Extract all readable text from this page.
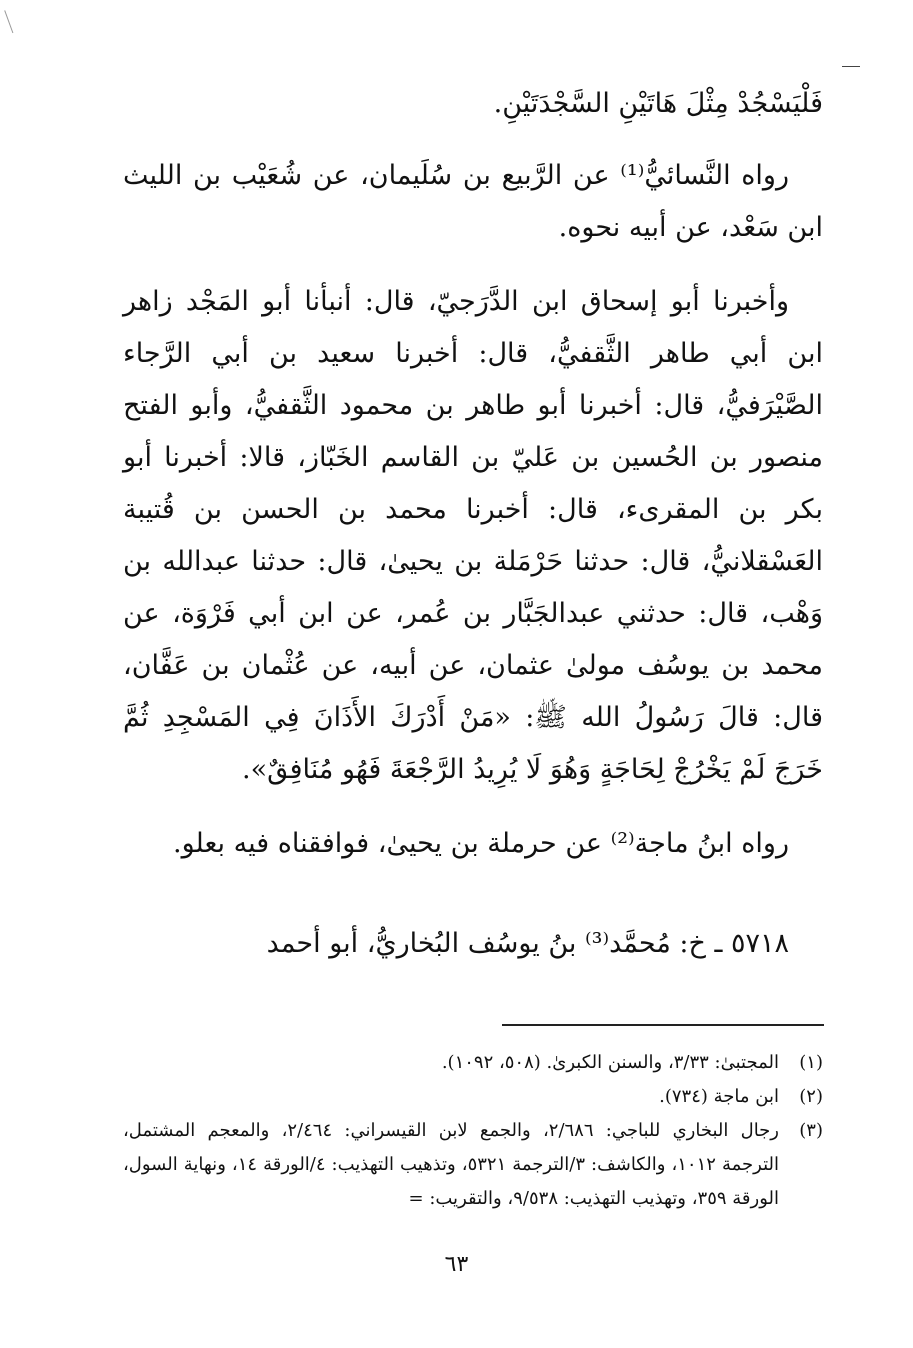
فَلْيَسْجُدْ مِثْلَ هَاتَيْنِ السَّجْدَتَيْنِ.

رواه النَّسائيُّ⁽¹⁾ عن الرَّبيع بن سُلَيمان، عن شُعَيْب بن الليث ابن سَعْد، عن أبيه نحوه.

وأخبرنا أبو إسحاق ابن الدَّرَجيّ، قال: أنبأنا أبو المَجْد زاهر ابن أبي طاهر الثَّقفيُّ، قال: أخبرنا سعيد بن أبي الرَّجاء الصَّيْرَفيُّ، قال: أخبرنا أبو طاهر بن محمود الثَّقفيُّ، وأبو الفتح منصور بن الحُسين بن عَليّ بن القاسم الخَبّاز، قالا: أخبرنا أبو بكر بن المقرىء، قال: أخبرنا محمد بن الحسن بن قُتيبة العَسْقلانيُّ، قال: حدثنا حَرْمَلة بن يحيىٰ، قال: حدثنا عبدالله بن وَهْب، قال: حدثني عبدالجَبَّار بن عُمر، عن ابن أبي فَرْوَة، عن محمد بن يوسُف مولىٰ عثمان، عن أبيه، عن عُثْمان بن عَفَّان، قال: قالَ رَسُولُ الله ﷺ: «مَنْ أَدْرَكَ الأَذَانَ فِي المَسْجِدِ ثُمَّ خَرَجَ لَمْ يَخْرُجْ لِحَاجَةٍ وَهُوَ لَا يُرِيدُ الرَّجْعَةَ فَهُو مُنَافِقٌ».

رواه ابنُ ماجة⁽²⁾ عن حرملة بن يحيىٰ، فوافقناه فيه بعلو.

٥٧١٨ ـ خ: مُحمَّد⁽³⁾ بنُ يوسُف البُخاريُّ، أبو أحمد
(١)
المجتبىٰ: ٣/٣٣، والسنن الكبرىٰ. (٥٠٨، ١٠٩٢).
(٢)
ابن ماجة (٧٣٤).
(٣)
رجال البخاري للباجي: ٢/٦٨٦، والجمع لابن القيسراني: ٢/٤٦٤، والمعجم المشتمل، الترجمة ١٠١٢، والكاشف: ٣/الترجمة ٥٣٢١، وتذهيب التهذيب: ٤/الورقة ١٤، ونهاية السول، الورقة ٣٥٩، وتهذيب التهذيب: ٩/٥٣٨، والتقريب: =
٦٣
